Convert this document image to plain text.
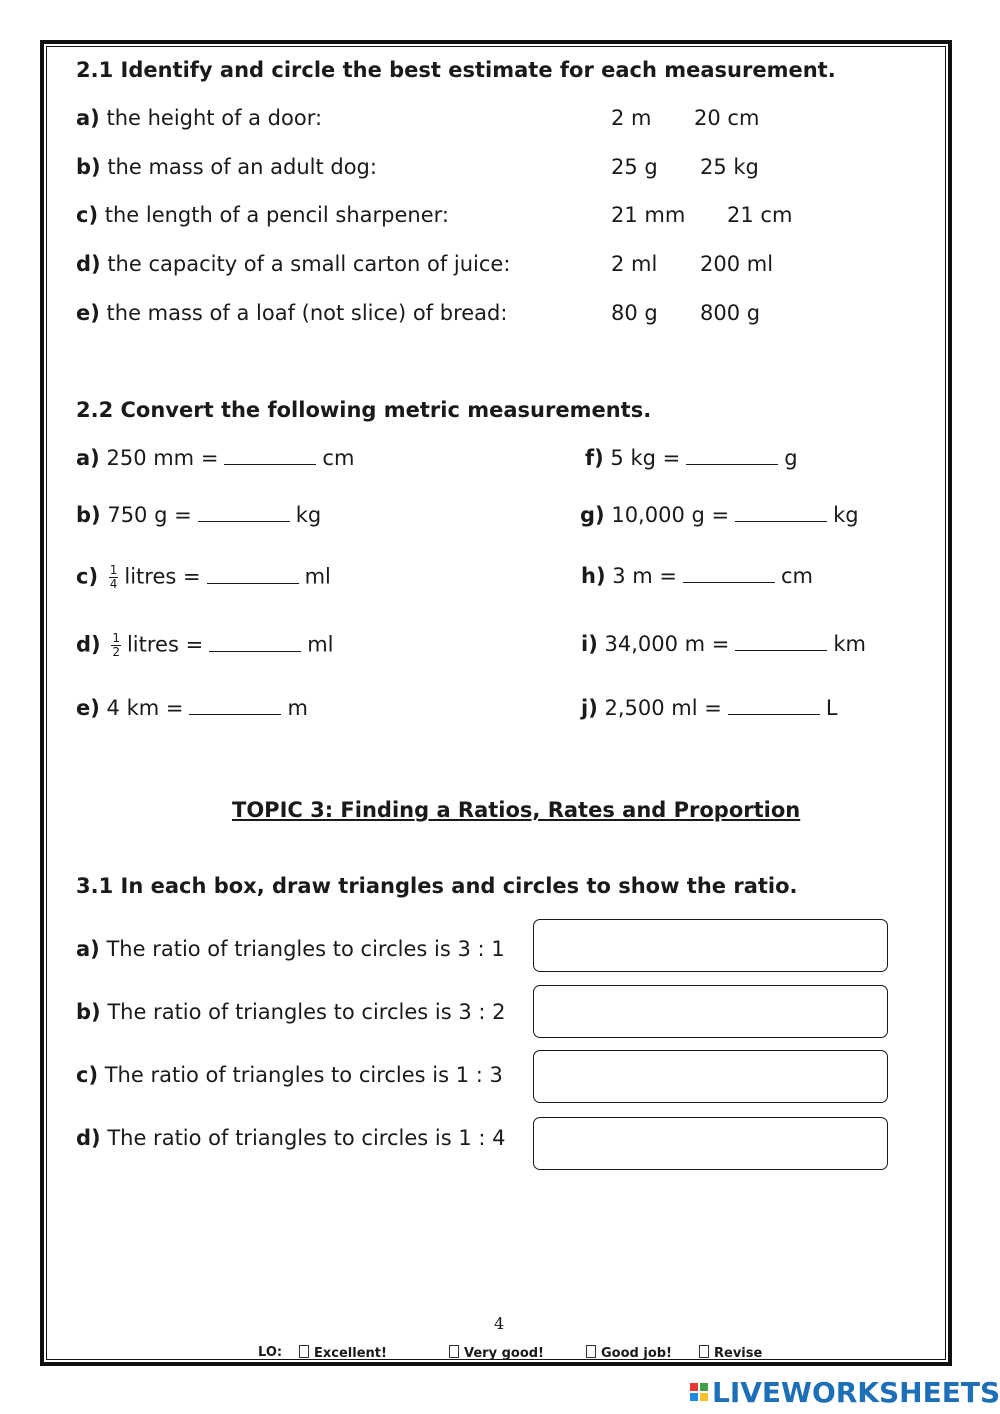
2.1 Identify and circle the best estimate for each measurement.
a) the height of a door:	2 m 20 cm
b) the mass of an adult dog:	25 g 25 kg
c) the length of a pencil sharpener:	21 mm 21 cm
d) the capacity of a small carton of juice:	2 ml 200 ml
e) the mass of a loaf (not slice) of bread:	80 g 800 g
2.2 Convert the following metric measurements.
a) 250 mm =	cm
b) 750 g =	kg
$c) \frac{1}{4}$ litres =	ml
$d) \frac{1}{2}$ litres =	ml
e) 4 km =	m
f) 5 kg =	g
g) 10,000 g =	kg
h) 3 m =	cm
i) 34,000 m =	km
j) 2,500 ml =	L
TOPIC 3: Finding a Ratios, Rates and Proportion
3.1 In each box, draw triangles and circles to show the ratio.
a) The ratio of triangles to circles is 3 : 1
b) The ratio of triangles to circles is 3 : 2
c) The ratio of triangles to circles is 1 : 3
d) The ratio of triangles to circles is 1 : 4
4
LO:	Excellent!	Very good!	Good job!	Revise
LIVEWORKSHEETS
